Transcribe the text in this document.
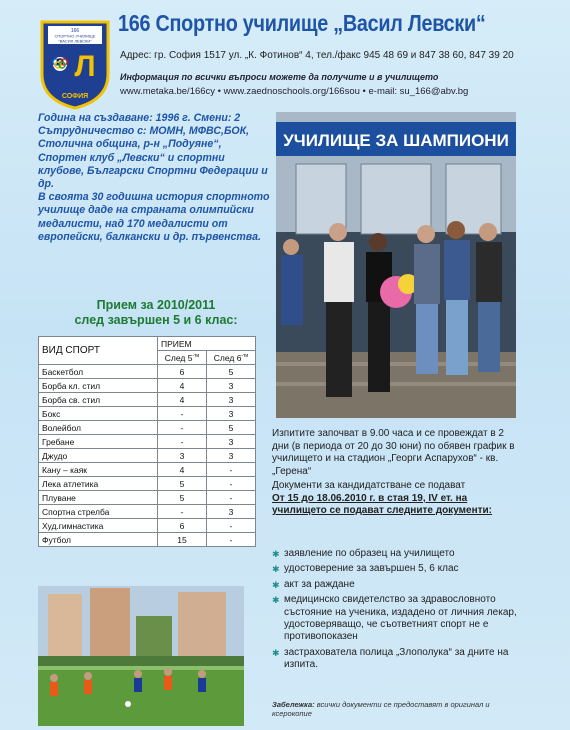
166
СПОРТНО УЧИЛИЩЕ
"ВАСИЛ ЛЕВСКИ"
Л
СОФИЯ
166 Спортно училище „Васил Левски“
Адрес: гр. София 1517 ул. „К. Фотинов“ 4, тел./факс 945 48 69 и 847 38 60, 847 39 20
Информация по всички въпроси можете да получите и в училището
www.metaka.be/166cy • www.zaednoschools.org/166sou • e-mail: su_166@abv.bg
Година на създаване: 1996 г. Смени: 2
Сътрудничество с: МОМН, МФВС,БОК, Столична община, р-н „Подуяне“, Спортен клуб „Левски“ и спортни клубове, Български Спортни Федерации и др.
В своята 30 годишна история спортното училище даде на страната олимпийски медалисти, над 170 медалисти от европейски, балкански и др. първенства.
Прием за 2010/2011
след завършен 5 и 6 клас:
ВИД СПОРТ	ПРИЕМ	
	След $5^{-ти}$	След $6^{-ти}$
Баскетбол	6	5
Борба кл. стил	4	3
Борба св. стил	4	3
Бокс	-	3
Волейбол	-	5
Гребане	-	3
Джудо	3	3
Кану – каяк	4	-
Лека атлетика	5	-
Плуване	5	-
Спортна стрелба	-	3
Худ.гимнастика	6	-
Футбол	15	-
УЧИЛИЩЕ ЗА ШАМПИОНИ
Изпитите започват в 9.00 часа и се провеждат в 2 дни (в периода от 20 до 30 юни) по обявен график в училището и на стадион „Георги Аспарухов“ - кв. „Герена“
Документи за кандидатстване се подават
От 15 до 18.06.2010 г. в стая 19, IV ет. на училището се подават следните документи:
✱ заявление по образец на училището
✱ удостоверение за завършен 5, 6 клас
✱ акт за раждане
✱ медицинско свидетелство за здравословното състояние на ученика, издадено от личния лекар, удостоверяващо, че съответният спорт не е противопоказен
✱ застрахователа полица „Злополука“ за дните на изпита.
Забележка: всички документи се предоставят в оригинал и ксерокопие
